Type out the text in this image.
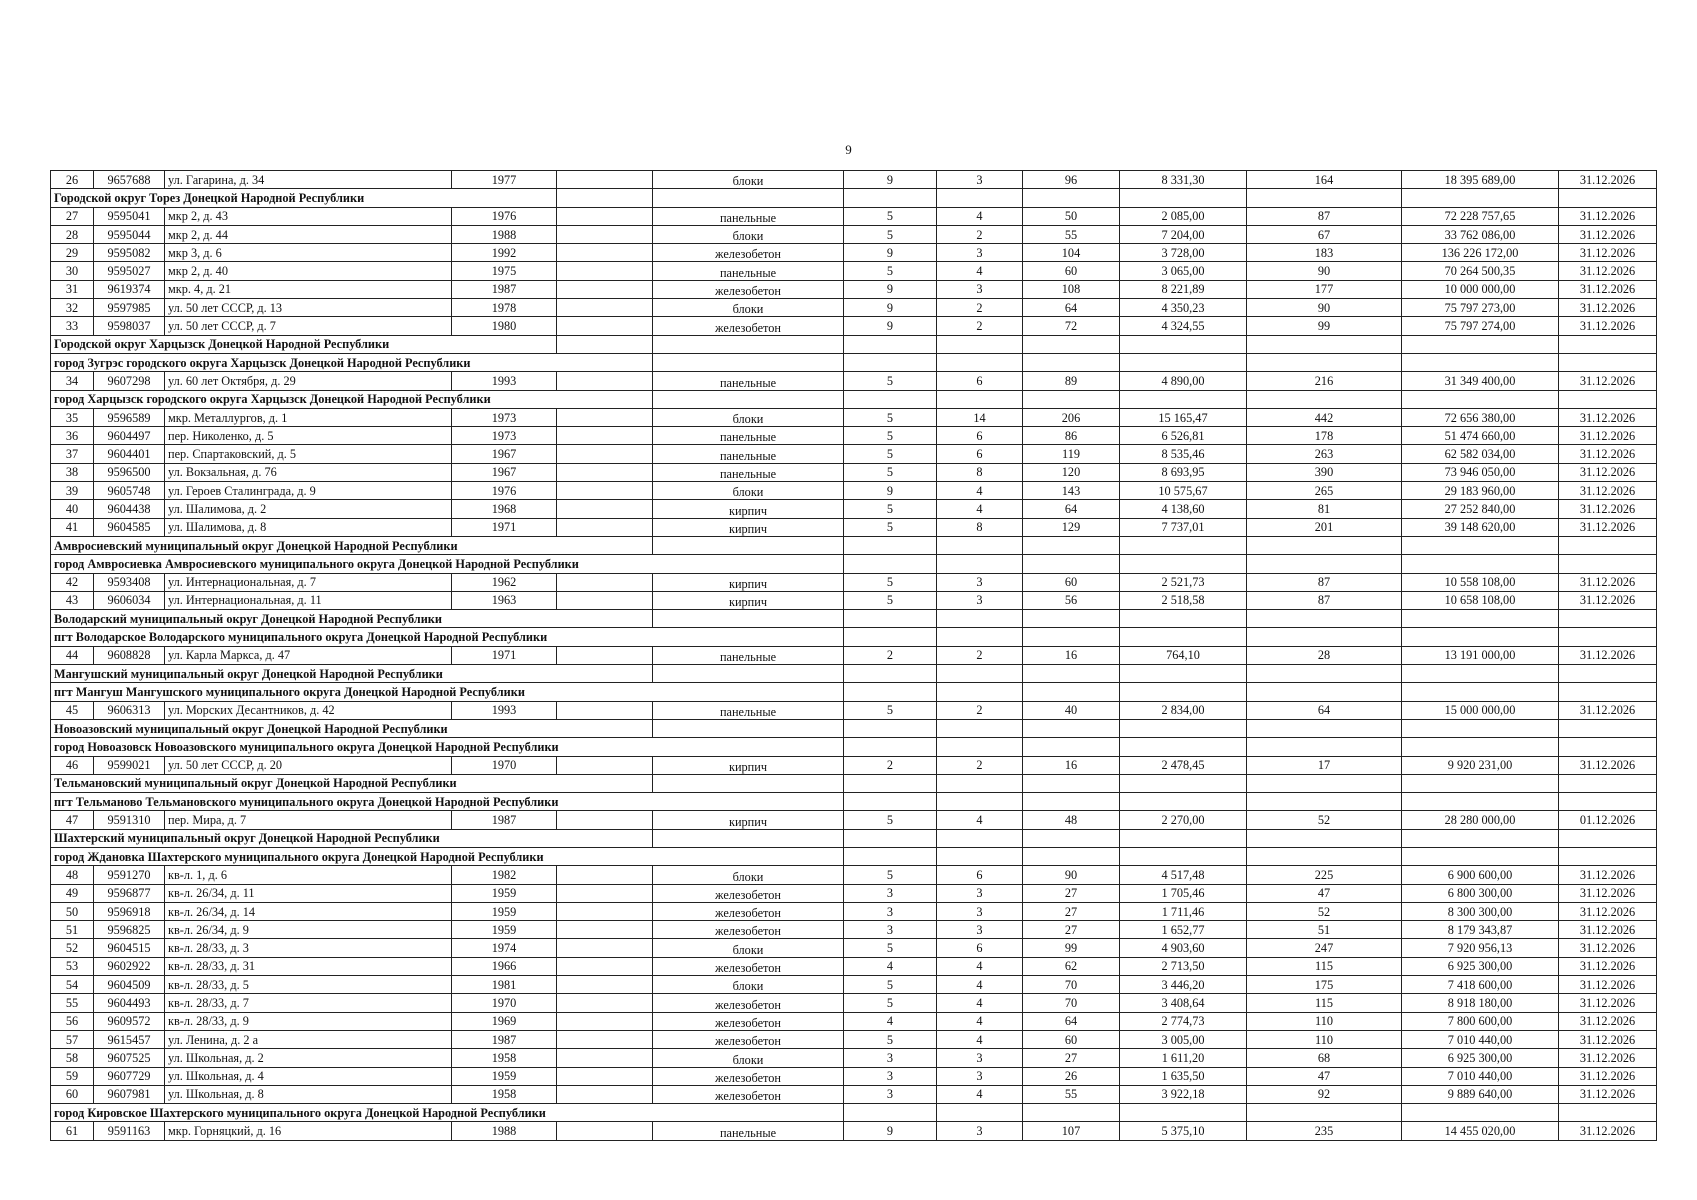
9
26	9657688	ул. Гагарина, д. 34	1977		блоки	9	3	96	8 331,30	164	18 395 689,00	31.12.2026
Городской округ Торез Донецкой Народной Республики												
27	9595041	мкр 2, д. 43	1976		панельные	5	4	50	2 085,00	87	72 228 757,65	31.12.2026
28	9595044	мкр 2, д. 44	1988		блоки	5	2	55	7 204,00	67	33 762 086,00	31.12.2026
29	9595082	мкр 3, д. 6	1992		железобетон	9	3	104	3 728,00	183	136 226 172,00	31.12.2026
30	9595027	мкр 2, д. 40	1975		панельные	5	4	60	3 065,00	90	70 264 500,35	31.12.2026
31	9619374	мкр. 4, д. 21	1987		железобетон	9	3	108	8 221,89	177	10 000 000,00	31.12.2026
32	9597985	ул. 50 лет СССР, д. 13	1978		блоки	9	2	64	4 350,23	90	75 797 273,00	31.12.2026
33	9598037	ул. 50 лет СССР, д. 7	1980		железобетон	9	2	72	4 324,55	99	75 797 274,00	31.12.2026
Городской округ Харцызск Донецкой Народной Республики												
город Зугрэс городского округа Харцызск Донецкой Народной Республики												
34	9607298	ул. 60 лет Октября, д. 29	1993		панельные	5	6	89	4 890,00	216	31 349 400,00	31.12.2026
город Харцызск городского округа Харцызск Донецкой Народной Республики												
35	9596589	мкр. Металлургов, д. 1	1973		блоки	5	14	206	15 165,47	442	72 656 380,00	31.12.2026
36	9604497	пер. Николенко, д. 5	1973		панельные	5	6	86	6 526,81	178	51 474 660,00	31.12.2026
37	9604401	пер. Спартаковский, д. 5	1967		панельные	5	6	119	8 535,46	263	62 582 034,00	31.12.2026
38	9596500	ул. Вокзальная, д. 76	1967		панельные	5	8	120	8 693,95	390	73 946 050,00	31.12.2026
39	9605748	ул. Героев Сталинграда, д. 9	1976		блоки	9	4	143	10 575,67	265	29 183 960,00	31.12.2026
40	9604438	ул. Шалимова, д. 2	1968		кирпич	5	4	64	4 138,60	81	27 252 840,00	31.12.2026
41	9604585	ул. Шалимова, д. 8	1971		кирпич	5	8	129	7 737,01	201	39 148 620,00	31.12.2026
Амвросиевский муниципальный округ Донецкой Народной Республики												
город Амвросиевка Амвросиевского муниципального округа Донецкой Народной Республики												
42	9593408	ул. Интернациональная, д. 7	1962		кирпич	5	3	60	2 521,73	87	10 558 108,00	31.12.2026
43	9606034	ул. Интернациональная, д. 11	1963		кирпич	5	3	56	2 518,58	87	10 658 108,00	31.12.2026
Володарский муниципальный округ Донецкой Народной Республики												
пгт Володарское Володарского муниципального округа Донецкой Народной Республики												
44	9608828	ул. Карла Маркса, д. 47	1971		панельные	2	2	16	764,10	28	13 191 000,00	31.12.2026
Мангушский муниципальный округ Донецкой Народной Республики												
пгт Мангуш Мангушского муниципального округа Донецкой Народной Республики												
45	9606313	ул. Морских Десантников, д. 42	1993		панельные	5	2	40	2 834,00	64	15 000 000,00	31.12.2026
Новоазовский муниципальный округ Донецкой Народной Республики												
город Новоазовск Новоазовского муниципального округа Донецкой Народной Республики												
46	9599021	ул. 50 лет СССР, д. 20	1970		кирпич	2	2	16	2 478,45	17	9 920 231,00	31.12.2026
Тельмановский муниципальный округ Донецкой Народной Республики												
пгт Тельманово Тельмановского муниципального округа Донецкой Народной Республики												
47	9591310	пер. Мира, д. 7	1987		кирпич	5	4	48	2 270,00	52	28 280 000,00	01.12.2026
Шахтерский муниципальный округ Донецкой Народной Республики												
город Ждановка Шахтерского муниципального округа Донецкой Народной Республики												
48	9591270	кв-л. 1, д. 6	1982		блоки	5	6	90	4 517,48	225	6 900 600,00	31.12.2026
49	9596877	кв-л. 26/34, д. 11	1959		железобетон	3	3	27	1 705,46	47	6 800 300,00	31.12.2026
50	9596918	кв-л. 26/34, д. 14	1959		железобетон	3	3	27	1 711,46	52	8 300 300,00	31.12.2026
51	9596825	кв-л. 26/34, д. 9	1959		железобетон	3	3	27	1 652,77	51	8 179 343,87	31.12.2026
52	9604515	кв-л. 28/33, д. 3	1974		блоки	5	6	99	4 903,60	247	7 920 956,13	31.12.2026
53	9602922	кв-л. 28/33, д. 31	1966		железобетон	4	4	62	2 713,50	115	6 925 300,00	31.12.2026
54	9604509	кв-л. 28/33, д. 5	1981		блоки	5	4	70	3 446,20	175	7 418 600,00	31.12.2026
55	9604493	кв-л. 28/33, д. 7	1970		железобетон	5	4	70	3 408,64	115	8 918 180,00	31.12.2026
56	9609572	кв-л. 28/33, д. 9	1969		железобетон	4	4	64	2 774,73	110	7 800 600,00	31.12.2026
57	9615457	ул. Ленина, д. 2 а	1987		железобетон	5	4	60	3 005,00	110	7 010 440,00	31.12.2026
58	9607525	ул. Школьная, д. 2	1958		блоки	3	3	27	1 611,20	68	6 925 300,00	31.12.2026
59	9607729	ул. Школьная, д. 4	1959		железобетон	3	3	26	1 635,50	47	7 010 440,00	31.12.2026
60	9607981	ул. Школьная, д. 8	1958		железобетон	3	4	55	3 922,18	92	9 889 640,00	31.12.2026
город Кировское Шахтерского муниципального округа Донецкой Народной Республики												
61	9591163	мкр. Горняцкий, д. 16	1988		панельные	9	3	107	5 375,10	235	14 455 020,00	31.12.2026
